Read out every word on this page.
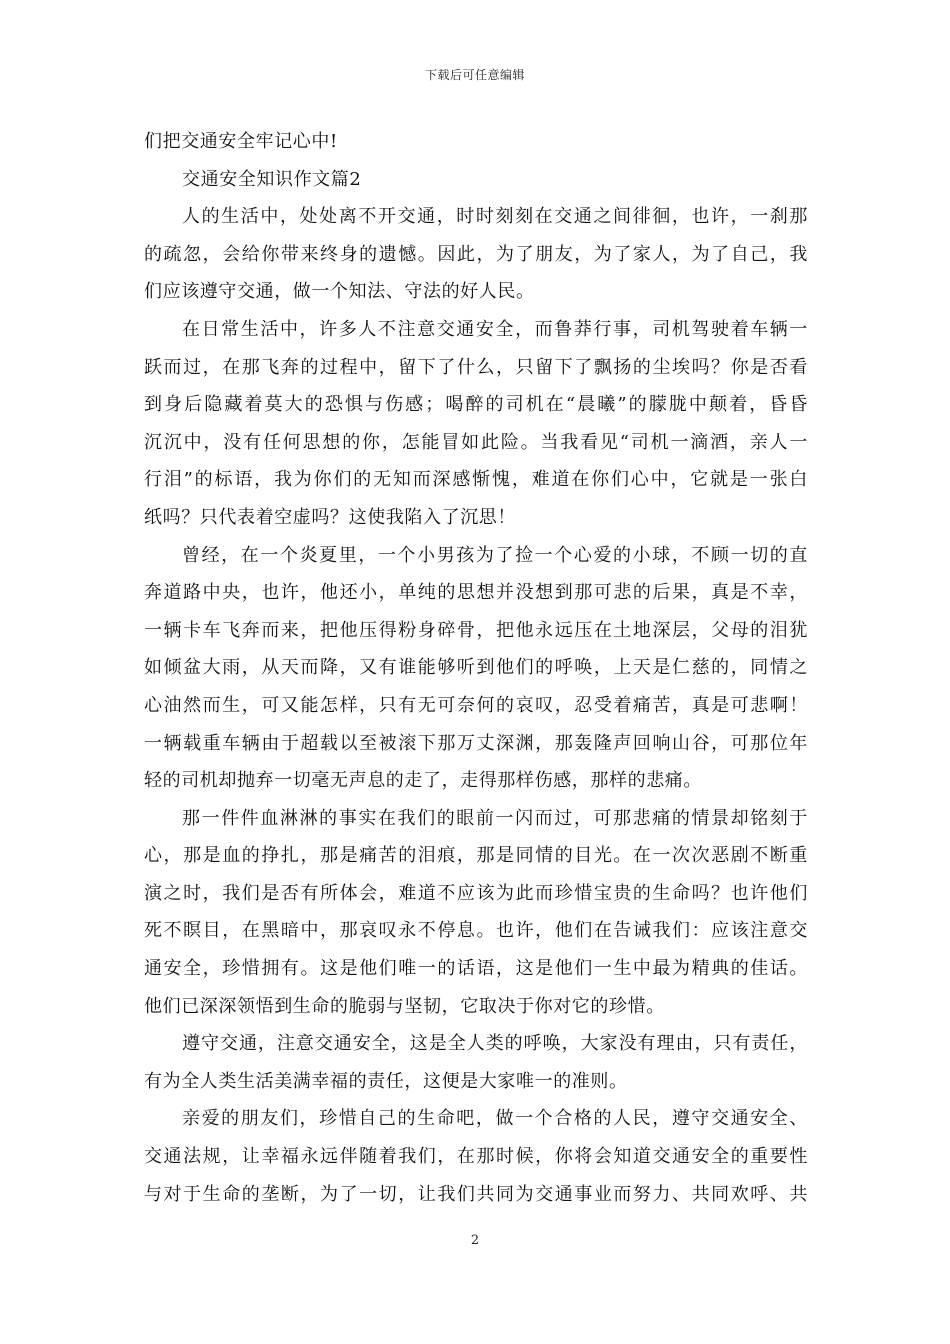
下载后可任意编辑
们把交通安全牢记心中!
交通安全知识作文篇2
人的生活中，处处离不开交通，时时刻刻在交通之间徘徊，也许，一刹那
的疏忽，会给你带来终身的遗憾。因此，为了朋友，为了家人，为了自己，我
们应该遵守交通，做一个知法、守法的好人民。
在日常生活中，许多人不注意交通安全，而鲁莽行事，司机驾驶着车辆一
跃而过，在那飞奔的过程中，留下了什么，只留下了飘扬的尘埃吗？你是否看
到身后隐藏着莫大的恐惧与伤感；喝醉的司机在“晨曦”的朦胧中颠着，昏昏
沉沉中，没有任何思想的你，怎能冒如此险。当我看见“司机一滴酒，亲人一
行泪”的标语，我为你们的无知而深感惭愧，难道在你们心中，它就是一张白
纸吗？只代表着空虚吗？这使我陷入了沉思！
曾经，在一个炎夏里，一个小男孩为了捡一个心爱的小球，不顾一切的直
奔道路中央，也许，他还小，单纯的思想并没想到那可悲的后果，真是不幸，
一辆卡车飞奔而来，把他压得粉身碎骨，把他永远压在土地深层，父母的泪犹
如倾盆大雨，从天而降，又有谁能够听到他们的呼唤，上天是仁慈的，同情之
心油然而生，可又能怎样，只有无可奈何的哀叹，忍受着痛苦，真是可悲啊！
一辆载重车辆由于超载以至被滚下那万丈深渊，那轰隆声回响山谷，可那位年
轻的司机却抛弃一切毫无声息的走了，走得那样伤感，那样的悲痛。
那一件件血淋淋的事实在我们的眼前一闪而过，可那悲痛的情景却铭刻于
心，那是血的挣扎，那是痛苦的泪痕，那是同情的目光。在一次次恶剧不断重
演之时，我们是否有所体会，难道不应该为此而珍惜宝贵的生命吗？也许他们
死不瞑目，在黑暗中，那哀叹永不停息。也许，他们在告诫我们：应该注意交
通安全，珍惜拥有。这是他们唯一的话语，这是他们一生中最为精典的佳话。
他们已深深领悟到生命的脆弱与坚韧，它取决于你对它的珍惜。
遵守交通，注意交通安全，这是全人类的呼唤，大家没有理由，只有责任，
有为全人类生活美满幸福的责任，这便是大家唯一的准则。
亲爱的朋友们，珍惜自己的生命吧，做一个合格的人民，遵守交通安全、
交通法规，让幸福永远伴随着我们，在那时候，你将会知道交通安全的重要性
与对于生命的垄断，为了一切，让我们共同为交通事业而努力、共同欢呼、共
2
